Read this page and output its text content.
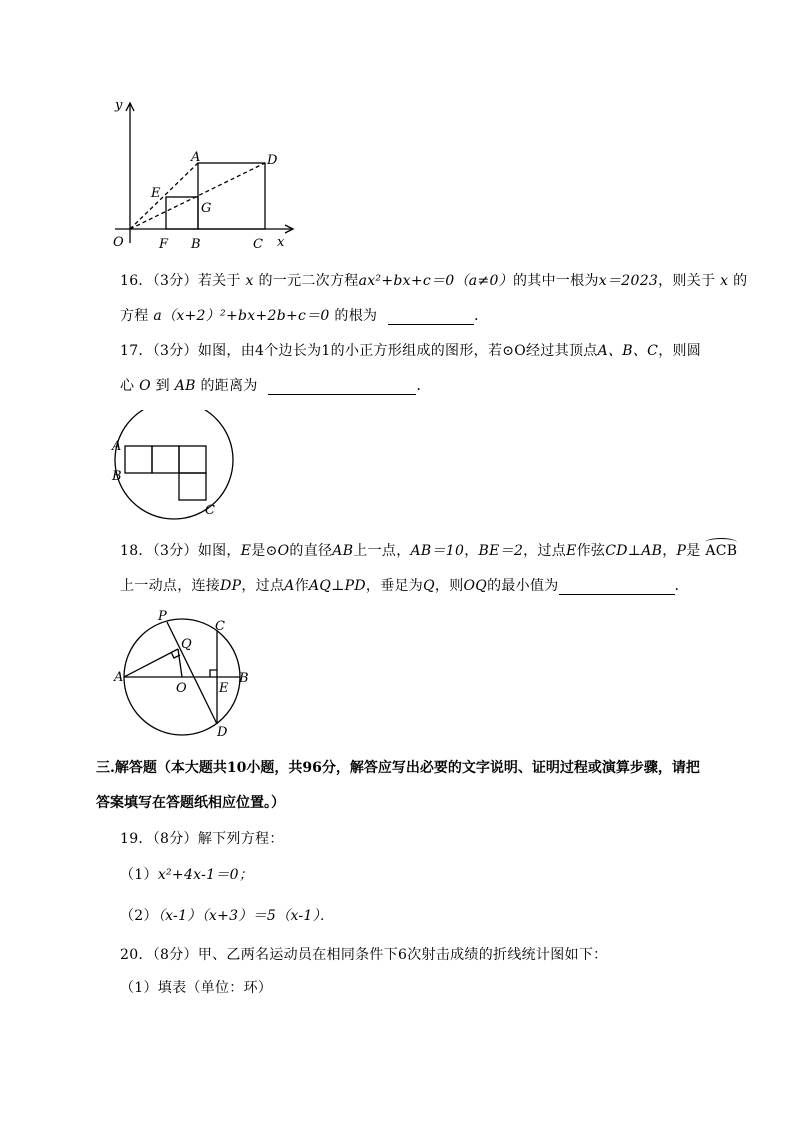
y
x
O
A	D
E
G
F B	C
16．（3分）若关于 x 的一元二次方程ax²+bx+c＝0（a≠0）的其中一根为x＝2023，则关于 x 的
方程 a（x+2）²+bx+2b+c＝0 的根为	．
17．（3分）如图，由4个边长为1的小正方形组成的图形，若⊙O经过其顶点A、B、C，则圆
心 O 到 AB 的距离为	．
A
B
C
18．（3分）如图，E是⊙O的直径AB上一点，AB＝10，BE＝2，过点E作弦CD⊥AB，P是 ACB
上一动点，连接DP，过点A作AQ⊥PD，垂足为Q，则OQ的最小值为	．
P
C
Q
A
O E
B
D
三.解答题（本大题共10小题，共96分，解答应写出必要的文字说明、证明过程或演算步骤，请把
答案填写在答题纸相应位置。）
19．（8分）解下列方程：
（1）x²+4x-1＝0；
（2）（x-1）（x+3）＝5（x-1）．
20．（8分）甲、乙两名运动员在相同条件下6次射击成绩的折线统计图如下：
（1）填表（单位：环）
